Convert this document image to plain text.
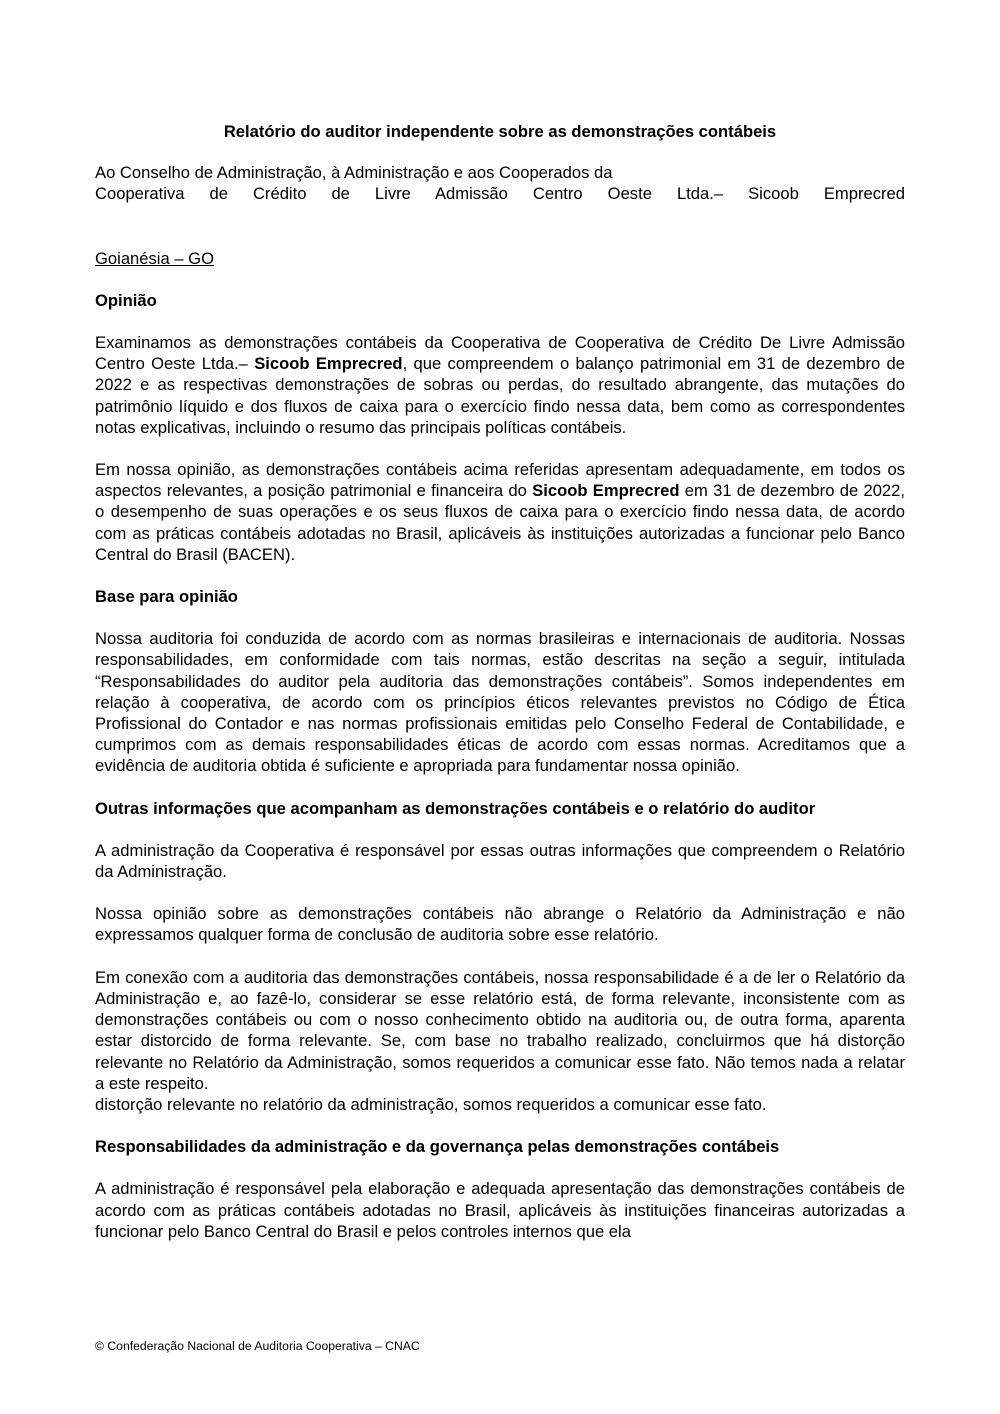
Relatório do auditor independente sobre as demonstrações contábeis
Ao Conselho de Administração, à Administração e aos Cooperados da
Cooperativa de Crédito de Livre Admissão Centro Oeste Ltda.– Sicoob Emprecred
Goianésia – GO
Opinião

Examinamos as demonstrações contábeis da Cooperativa de Cooperativa de Crédito De Livre Admissão Centro Oeste Ltda.– Sicoob Emprecred, que compreendem o balanço patrimonial em 31 de dezembro de 2022 e as respectivas demonstrações de sobras ou perdas, do resultado abrangente, das mutações do patrimônio líquido e dos fluxos de caixa para o exercício findo nessa data, bem como as correspondentes notas explicativas, incluindo o resumo das principais políticas contábeis.

Em nossa opinião, as demonstrações contábeis acima referidas apresentam adequadamente, em todos os aspectos relevantes, a posição patrimonial e financeira do Sicoob Emprecred em 31 de dezembro de 2022, o desempenho de suas operações e os seus fluxos de caixa para o exercício findo nessa data, de acordo com as práticas contábeis adotadas no Brasil, aplicáveis às instituições autorizadas a funcionar pelo Banco Central do Brasil (BACEN).

Base para opinião

Nossa auditoria foi conduzida de acordo com as normas brasileiras e internacionais de auditoria. Nossas responsabilidades, em conformidade com tais normas, estão descritas na seção a seguir, intitulada “Responsabilidades do auditor pela auditoria das demonstrações contábeis”. Somos independentes em relação à cooperativa, de acordo com os princípios éticos relevantes previstos no Código de Ética Profissional do Contador e nas normas profissionais emitidas pelo Conselho Federal de Contabilidade, e cumprimos com as demais responsabilidades éticas de acordo com essas normas. Acreditamos que a evidência de auditoria obtida é suficiente e apropriada para fundamentar nossa opinião.

Outras informações que acompanham as demonstrações contábeis e o relatório do auditor

A administração da Cooperativa é responsável por essas outras informações que compreendem o Relatório da Administração.

Nossa opinião sobre as demonstrações contábeis não abrange o Relatório da Administração e não expressamos qualquer forma de conclusão de auditoria sobre esse relatório.

Em conexão com a auditoria das demonstrações contábeis, nossa responsabilidade é a de ler o Relatório da Administração e, ao fazê-lo, considerar se esse relatório está, de forma relevante, inconsistente com as demonstrações contábeis ou com o nosso conhecimento obtido na auditoria ou, de outra forma, aparenta estar distorcido de forma relevante. Se, com base no trabalho realizado, concluirmos que há distorção relevante no Relatório da Administração, somos requeridos a comunicar esse fato. Não temos nada a relatar a este respeito.

distorção relevante no relatório da administração, somos requeridos a comunicar esse fato.

Responsabilidades da administração e da governança pelas demonstrações contábeis

A administração é responsável pela elaboração e adequada apresentação das demonstrações contábeis de acordo com as práticas contábeis adotadas no Brasil, aplicáveis às instituições financeiras autorizadas a funcionar pelo Banco Central do Brasil e pelos controles internos que ela

© Confederação Nacional de Auditoria Cooperativa – CNAC
